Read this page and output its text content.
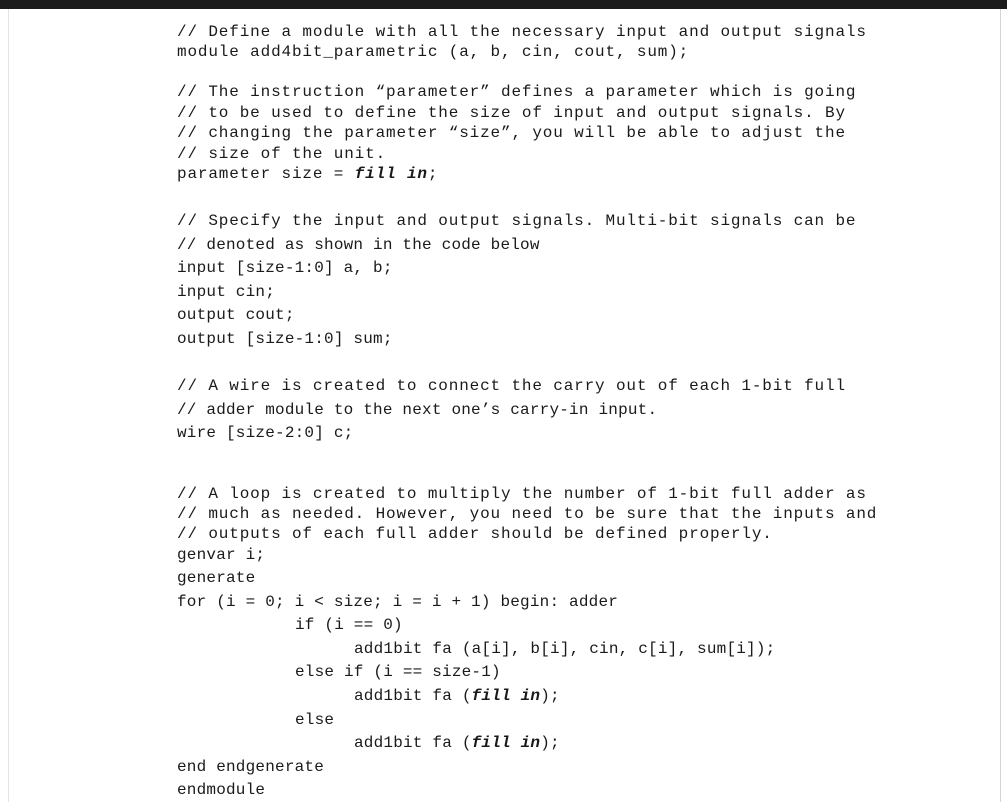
// Define a module with all the necessary input and output signals
module add4bit_parametric (a, b, cin, cout, sum);
// The instruction “parameter” defines a parameter which is going
// to be used to define the size of input and output signals. By
// changing the parameter “size”, you will be able to adjust the
// size of the unit.
parameter size = fill in;
// Specify the input and output signals. Multi-bit signals can be
// denoted as shown in the code below
input [size-1:0] a, b;
input cin;
output cout;
output [size-1:0] sum;
// A wire is created to connect the carry out of each 1-bit full
// adder module to the next one’s carry-in input.
wire [size-2:0] c;
// A loop is created to multiply the number of 1-bit full adder as
// much as needed. However, you need to be sure that the inputs and
// outputs of each full adder should be defined properly.
genvar i;
generate
for (i = 0; i < size; i = i + 1) begin: adder
if (i == 0)
add1bit fa (a[i], b[i], cin, c[i], sum[i]);
else if (i == size-1)
add1bit fa (fill in);
else
add1bit fa (fill in);
end endgenerate
endmodule
